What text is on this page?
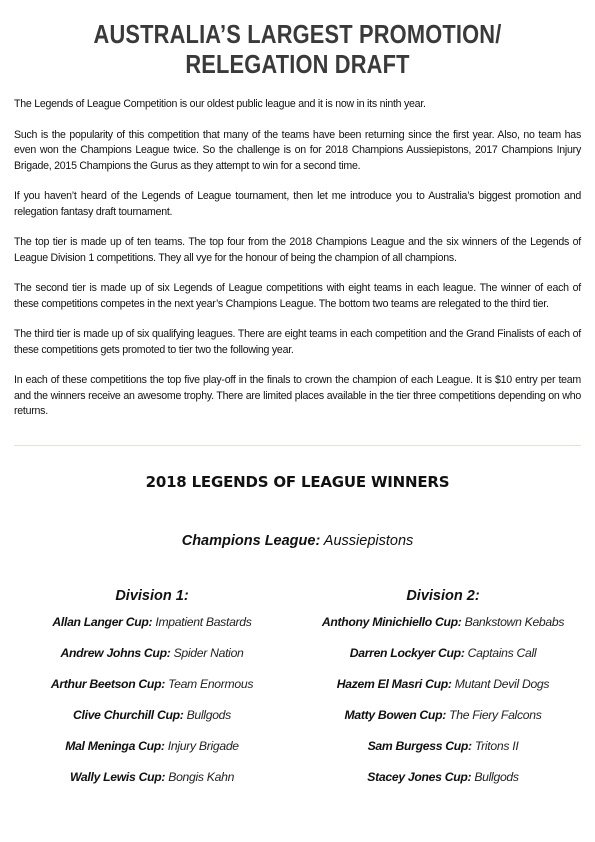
AUSTRALIA’S LARGEST PROMOTION/
RELEGATION DRAFT

The Legends of League Competition is our oldest public league and it is now in its ninth year.

Such is the popularity of this competition that many of the teams have been returning since the first year. Also, no team has even won the Champions League twice. So the challenge is on for 2018 Champions Aussiepistons, 2017 Champions Injury Brigade, 2015 Champions the Gurus as they attempt to win for a second time.

If you haven’t heard of the Legends of League tournament, then let me introduce you to Australia’s biggest promotion and relegation fantasy draft tournament.

The top tier is made up of ten teams. The top four from the 2018 Champions League and the six winners of the Legends of League Division 1 competitions. They all vye for the honour of being the champion of all champions.

The second tier is made up of six Legends of League competitions with eight teams in each league. The winner of each of these competitions competes in the next year’s Champions League. The bottom two teams are relegated to the third tier.

The third tier is made up of six qualifying leagues. There are eight teams in each competition and the Grand Finalists of each of these competitions gets promoted to tier two the following year.

In each of these competitions the top five play-off in the finals to crown the champion of each League. It is $10 entry per team and the winners receive an awesome trophy. There are limited places available in the tier three competitions depending on who returns.

2018 LEGENDS OF LEAGUE WINNERS
Champions League: Aussiepistons
Division 1:
Allan Langer Cup: Impatient Bastards
Andrew Johns Cup: Spider Nation
Arthur Beetson Cup: Team Enormous
Clive Churchill Cup: Bullgods
Mal Meninga Cup: Injury Brigade
Wally Lewis Cup: Bongis Kahn
Division 2:
Anthony Minichiello Cup: Bankstown Kebabs
Darren Lockyer Cup: Captains Call
Hazem El Masri Cup: Mutant Devil Dogs
Matty Bowen Cup: The Fiery Falcons
Sam Burgess Cup: Tritons II
Stacey Jones Cup: Bullgods
